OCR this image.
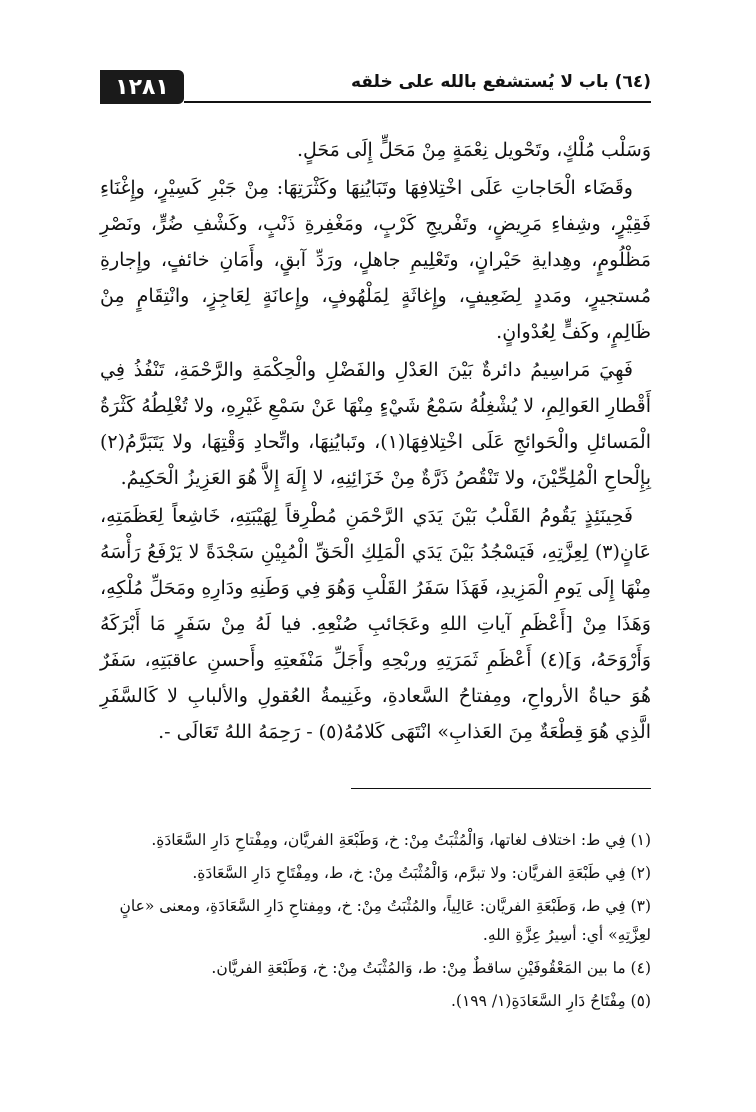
١٢٨١	(٦٤) باب لا يُستشفع بالله على خلقه

وَسَلْب مُلْكٍ، وتَحْويل نِعْمَةٍ مِنْ مَحَلٍّ إِلَى مَحَلٍ.

وقَضَاء الْحَاجاتِ عَلَى اخْتِلافِهَا وتَبَايُنِهَا وكَثْرَتِهَا: مِنْ جَبْرِ كَسِيْرٍ، وإِغْنَاءِ فَقِيْرٍ، وشِفاءِ مَرِيضٍ، وتَفْريجِ كَرْبٍ، ومَغْفِرةِ ذَنْبٍ، وكَشْفِ ضُرٍّ، ونَصْرِ مَظْلُومٍ، وهِدايةِ حَيْرانٍ، وتَعْلِيمِ جاهلٍ، ورَدِّ آبقٍ، وأَمَانِ خائفٍ، وإِجارةِ مُستجيرٍ، ومَددٍ لِضَعِيفٍ، وإِغاثَةٍ لِمَلْهُوفٍ، وإِعانَةٍ لِعَاجِزٍ، وانْتِقَامٍ مِنْ ظَالِمٍ، وكَفٍّ لِعُدْوانٍ.

فَهِيَ مَراسِيمُ دائرةٌ بَيْنَ العَدْلِ والفَضْلِ والْحِكْمَةِ والرَّحْمَةِ، تَنْفُذُ فِي أَقْطارِ العَوالِمِ، لا يُشْغِلُهُ سَمْعُ شَيْءٍ مِنْهَا عَنْ سَمْعِ غَيْرِهِ، ولا تُغْلِطُهُ كَثْرَةُ الْمَسائلِ والْحَوائجِ عَلَى اخْتِلافِهَا(١)، وتَبايُنِهَا، واتِّحادِ وَقْتِهَا، ولا يَتَبَرَّمُ(٢) بِإِلْحاحِ الْمُلِحِّيْنَ، ولا تَنْقُصُ ذَرَّةٌ مِنْ خَزَائِنِهِ، لا إِلَهَ إِلاَّ هُوَ العَزِيزُ الْحَكِيمُ.

فَحِينَئِذٍ يَقُومُ القَلْبُ بَيْنَ يَدَي الرَّحْمَنِ مُطْرِقاً لِهَيْبَتِهِ، خَاشِعاً لِعَظَمَتِهِ، عَانٍ(٣) لِعِزَّتِهِ، فَيَسْجُدُ بَيْنَ يَدَي الْمَلِكِ الْحَقِّ الْمُبِيْنِ سَجْدَةً لا يَرْفَعُ رَأْسَهُ مِنْهَا إِلَى يَومِ الْمَزِيدِ، فَهَذَا سَفَرُ القَلْبِ وَهُوَ فِي وَطَنِهِ ودَارِهِ ومَحَلِّ مُلْكِهِ، وَهَذَا مِنْ [أَعْظَمِ آياتِ اللهِ وعَجَائبِ صُنْعِهِ. فيا لَهُ مِنْ سَفَرٍ مَا أَبْرَكَهُ وَأَرْوَحَهُ، وَ](٤) أَعْظَمِ ثَمَرَتِهِ وربْحِهِ وأَجَلِّ مَنْفَعتِهِ وأَحسنِ عاقبَتِهِ، سَفَرٌ هُوَ حياةُ الأرواحِ، ومِفتاحُ السَّعادةِ، وغَنِيمةُ العُقولِ والألبابِ لا كَالسَّفَرِ الَّذِي هُوَ قِطْعَةٌ مِنَ العَذابِ» انْتَهَى كَلامُهُ(٥) - رَحِمَهُ اللهُ تَعَالَى -.

(١) فِي ط: اختلاف لغاتها، وَالْمُثْبَتُ مِنْ: خ، وَطَبْعَةِ الفريَّان، ومِفْتاحِ دَارِ السَّعَادَةِ.

(٢) فِي طَبْعَةِ الفريَّان: ولا تبرَّم، وَالْمُثْبَتُ مِنْ: خ، ط، ومِفْتَاحِ دَارِ السَّعَادَةِ.

(٣) فِي ط، وَطَبْعَةِ الفريَّان: عَالِياً، والمُثْبَتُ مِنْ: خ، ومِفتاحِ دَارِ السَّعَادَةِ، ومعنى «عانٍ لعِزَّتِهِ» أي: أسِيرُ عِزَّةِ اللهِ.

(٤) ما بين المَعْقُوفَيْنِ ساقطٌ مِنْ: ط، وَالمُثْبَتُ مِنْ: خ، وَطَبْعَةِ الفريَّان.

(٥) مِفْتَاحُ دَارِ السَّعَادَةِ(١/ ١٩٩).
